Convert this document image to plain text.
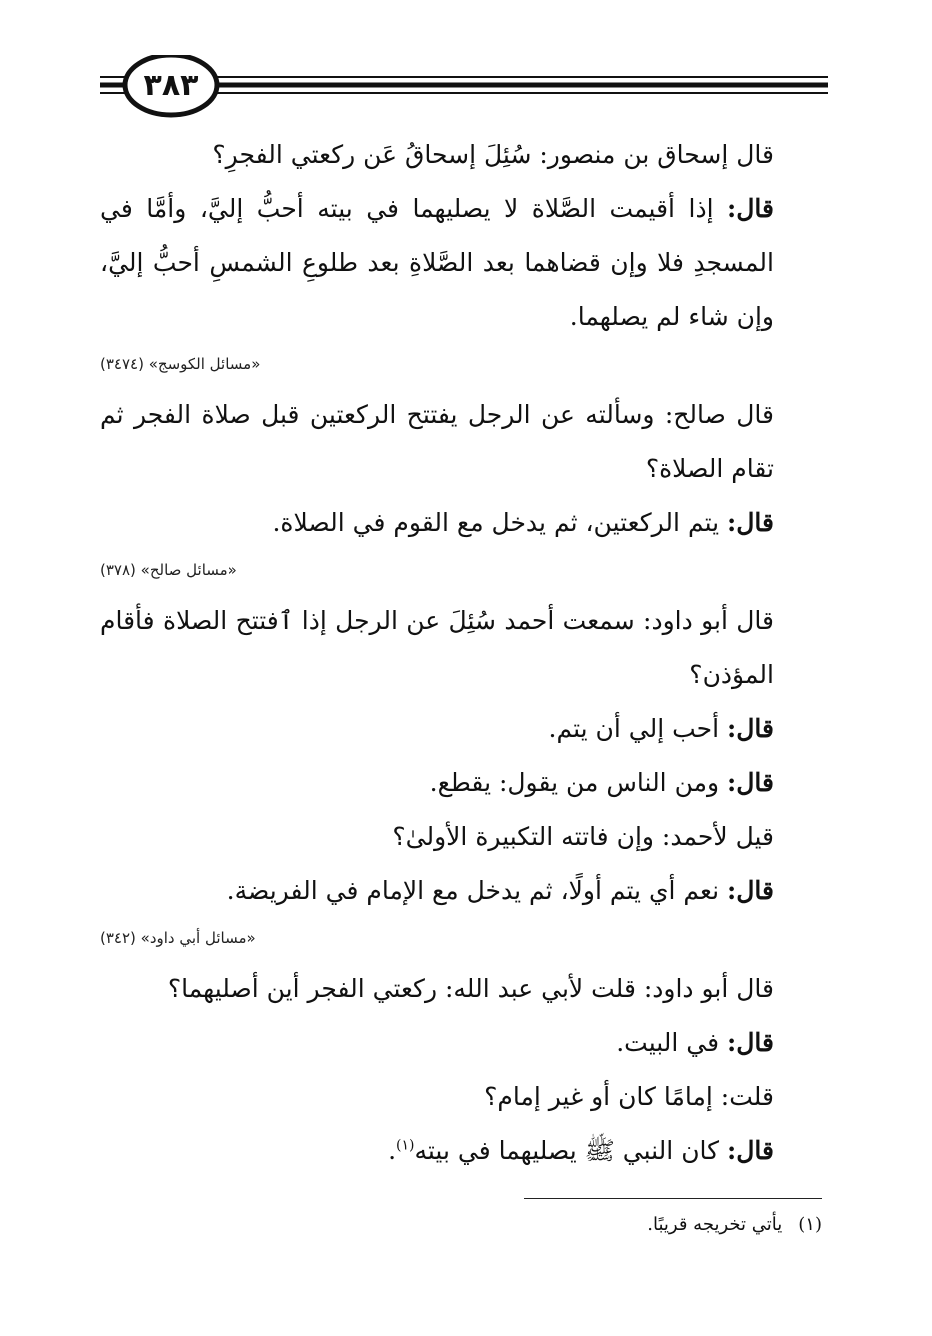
٣٨٣

قال إسحاق بن منصور: سُئِلَ إسحاقُ عَن ركعتي الفجرِ؟

قال: إذا أقيمت الصَّلاة لا يصليهما في بيته أحبُّ إليَّ، وأمَّا في المسجدِ فلا وإن قضاهما بعد الصَّلاةِ بعد طلوعِ الشمسِ أحبُّ إليَّ، وإن شاء لم يصلهما.

«مسائل الكوسج» (٣٤٧٤)

قال صالح: وسألته عن الرجل يفتتح الركعتين قبل صلاة الفجر ثم تقام الصلاة؟

قال: يتم الركعتين، ثم يدخل مع القوم في الصلاة.

«مسائل صالح» (٣٧٨)

قال أبو داود: سمعت أحمد سُئِلَ عن الرجل إذا ٱفتتح الصلاة فأقام المؤذن؟

قال: أحب إلي أن يتم.

قال: ومن الناس من يقول: يقطع.

قيل لأحمد: وإن فاتته التكبيرة الأولىٰ؟

قال: نعم أي يتم أولًا، ثم يدخل مع الإمام في الفريضة.

«مسائل أبي داود» (٣٤٢)

قال أبو داود: قلت لأبي عبد الله: ركعتي الفجر أين أصليهما؟

قال: في البيت.

قلت: إمامًا كان أو غير إمام؟

قال: كان النبي ﷺ يصليهما في بيته$^{(١)}$.

(١)يأتي تخريجه قريبًا.
